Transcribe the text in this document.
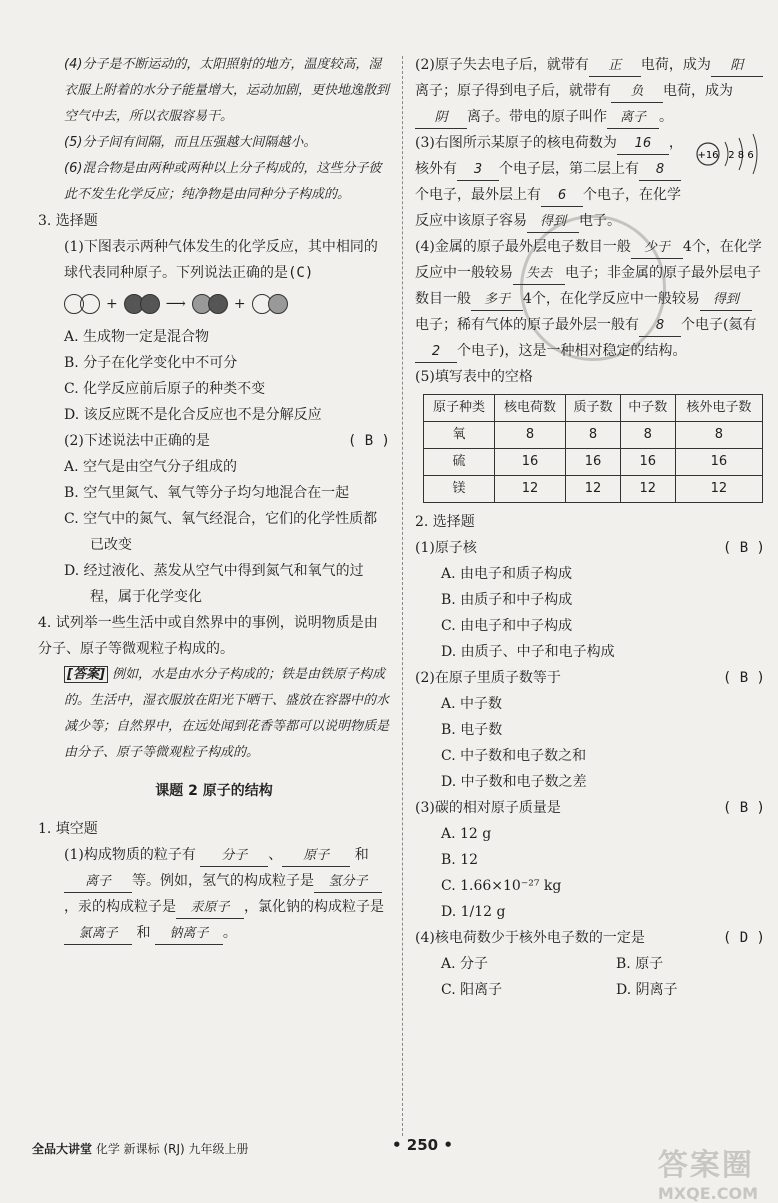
(4)分子是不断运动的，太阳照射的地方，温度较高，湿衣服上附着的水分子能量增大，运动加剧，更快地逸散到空气中去，所以衣服容易干。

(5)分子间有间隔，而且压强越大间隔越小。

(6)混合物是由两种或两种以上分子构成的，这些分子彼此不发生化学反应；纯净物是由同种分子构成的。

3. 选择题

(1)下图表示两种气体发生的化学反应，其中相同的球代表同种原子。下列说法正确的是(C)

+	⟶	+
A. 生成物一定是混合物
B. 分子在化学变化中不可分
C. 化学反应前后原子的种类不变
D. 该反应既不是化合反应也不是分解反应
(2)下述说法中正确的是	( B )
A. 空气是由空气分子组成的
B. 空气里氮气、氧气等分子均匀地混合在一起
C. 空气中的氮气、氧气经混合，它们的化学性质都已改变
D. 经过液化、蒸发从空气中得到氮气和氧气的过程，属于化学变化

4. 试列举一些生活中或自然界中的事例，说明物质是由分子、原子等微观粒子构成的。

[答案] 例如，水是由水分子构成的；铁是由铁原子构成的。生活中，湿衣服放在阳光下晒干、盛放在容器中的水减少等；自然界中，在远处闻到花香等都可以说明物质是由分子、原子等微观粒子构成的。

课题 2 原子的结构

1. 填空题

(1)构成物质的粒子有 分子 、 原子 和 离子 等。例如，氢气的构成粒子是 氢分子，汞的构成粒子是 汞原子 ，氯化钠的构成粒子是氯离子 和 钠离子 。

(2)原子失去电子后，就带有 正 电荷，成为 阳离子；原子得到电子后，就带有 负 电荷，成为阴 离子。带电的原子叫作 离子 。

+16 2 8 6

(3)右图所示某原子的核电荷数为 16 ，核外有 3 个电子层，第二层上有 8个电子，最外层上有 6 个电子，在化学反应中该原子容易 得到 电子。

(4)金属的原子最外层电子数目一般 少于 4个，在化学反应中一般较易 失去 电子；非金属的原子最外层电子数目一般 多于 4个，在化学反应中一般较易 得到电子；稀有气体的原子最外层一般有 8 个电子(氦有2 个电子)，这是一种相对稳定的结构。

(5)填写表中的空格

原子种类	核电荷数	质子数	中子数	核外电子数
氧	8	8	8	8
硫	16	16	16	16
镁	12	12	12	12

2. 选择题

(1)原子核	( B )
A. 由电子和质子构成
B. 由质子和中子构成
C. 由电子和中子构成
D. 由质子、中子和电子构成
(2)在原子里质子数等于	( B )
A. 中子数
B. 电子数
C. 中子数和电子数之和
D. 中子数和电子数之差
(3)碳的相对原子质量是	( B )
A. 12 g
B. 12
C. 1.66×10⁻²⁷ kg
D. 1/12 g
(4)核电荷数少于核外电子数的一定是	( D )
A. 分子	B. 原子
C. 阳离子	D. 阴离子
全品大讲堂 化学 新课标 (RJ) 九年级上册	• 250 •
答案圈
MXQE.COM
